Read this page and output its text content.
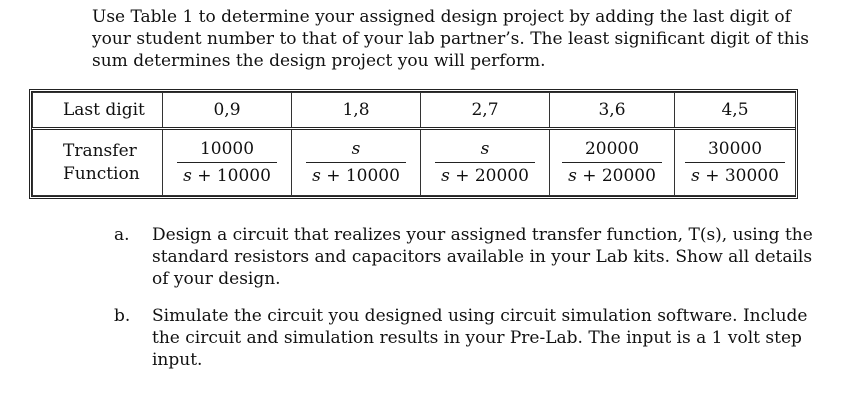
Use Table 1 to determine your assigned design project by adding the last digit of
your student number to that of your lab partner’s. The least significant digit of this
sum determines the design project you will perform.
Last digit	0,9	1,8	2,7	3,6	4,5

Transfer
Function	$\frac{10000}{s + 10000}$	$\frac{s}{s + 10000}$	$\frac{s}{s + 20000}$	$\frac{20000}{s + 20000}$	$\frac{30000}{s + 30000}$
a. Design a circuit that realizes your assigned transfer function, T(s), using the
standard resistors and capacitors available in your Lab kits. Show all details
of your design.
b. Simulate the circuit you designed using circuit simulation software. Include
the circuit and simulation results in your Pre-Lab. The input is a 1 volt step
input.
